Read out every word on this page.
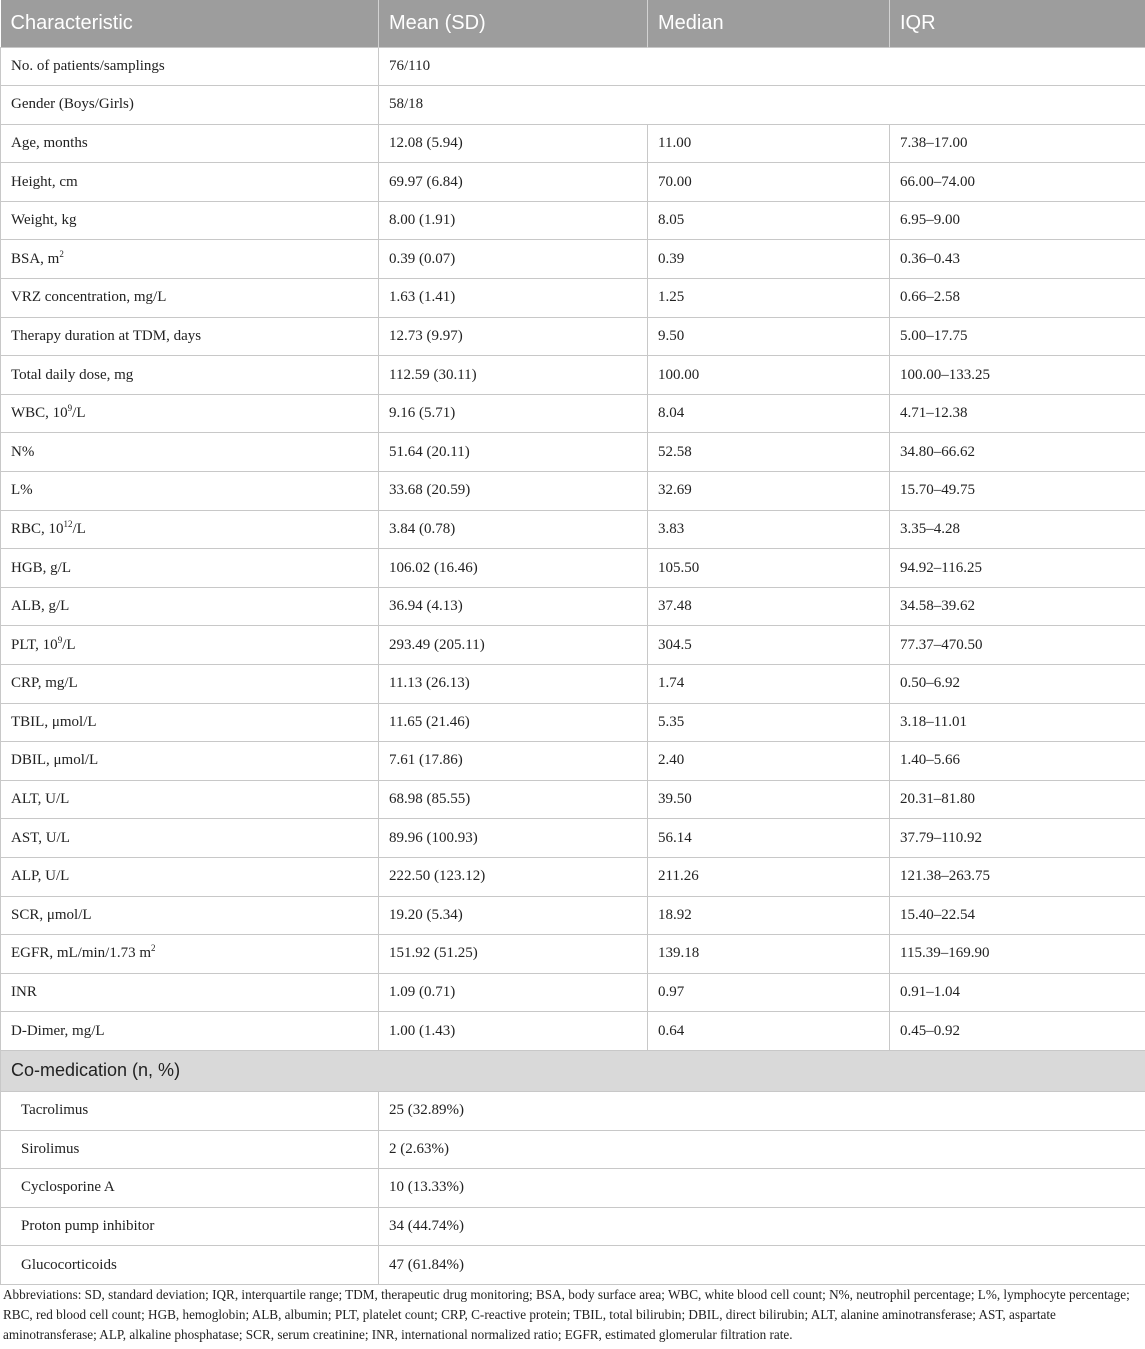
Characteristic	Mean (SD)	Median	IQR
No. of patients/samplings	76/110		
Gender (Boys/Girls)	58/18		
Age, months	12.08 (5.94)	11.00	7.38–17.00
Height, cm	69.97 (6.84)	70.00	66.00–74.00
Weight, kg	8.00 (1.91)	8.05	6.95–9.00
BSA, $m^2$	0.39 (0.07)	0.39	0.36–0.43
VRZ concentration, mg/L	1.63 (1.41)	1.25	0.66–2.58
Therapy duration at TDM, days	12.73 (9.97)	9.50	5.00–17.75
Total daily dose, mg	112.59 (30.11)	100.00	100.00–133.25
WBC, $10^9/L$	9.16 (5.71)	8.04	4.71–12.38
N%	51.64 (20.11)	52.58	34.80–66.62
L%	33.68 (20.59)	32.69	15.70–49.75
RBC, $10^{12}/L$	3.84 (0.78)	3.83	3.35–4.28
HGB, g/L	106.02 (16.46)	105.50	94.92–116.25
ALB, g/L	36.94 (4.13)	37.48	34.58–39.62
PLT, $10^9/L$	293.49 (205.11)	304.5	77.37–470.50
CRP, mg/L	11.13 (26.13)	1.74	0.50–6.92
TBIL, μmol/L	11.65 (21.46)	5.35	3.18–11.01
DBIL, μmol/L	7.61 (17.86)	2.40	1.40–5.66
ALT, U/L	68.98 (85.55)	39.50	20.31–81.80
AST, U/L	89.96 (100.93)	56.14	37.79–110.92
ALP, U/L	222.50 (123.12)	211.26	121.38–263.75
SCR, μmol/L	19.20 (5.34)	18.92	15.40–22.54
EGFR, mL/min/1.73 $m^2$	151.92 (51.25)	139.18	115.39–169.90
INR	1.09 (0.71)	0.97	0.91–1.04
D-Dimer, mg/L	1.00 (1.43)	0.64	0.45–0.92
Co-medication (n, %)			
Tacrolimus	25 (32.89%)		
Sirolimus	2 (2.63%)		
Cyclosporine A	10 (13.33%)		
Proton pump inhibitor	34 (44.74%)		
Glucocorticoids	47 (61.84%)		
Abbreviations: SD, standard deviation; IQR, interquartile range; TDM, therapeutic drug monitoring; BSA, body surface area; WBC, white blood cell count; N%, neutrophil percentage; L%, lymphocyte percentage; RBC, red blood cell count; HGB, hemoglobin; ALB, albumin; PLT, platelet count; CRP, C-reactive protein; TBIL, total bilirubin; DBIL, direct bilirubin; ALT, alanine aminotransferase; AST, aspartate aminotransferase; ALP, alkaline phosphatase; SCR, serum creatinine; INR, international normalized ratio; EGFR, estimated glomerular filtration rate.
